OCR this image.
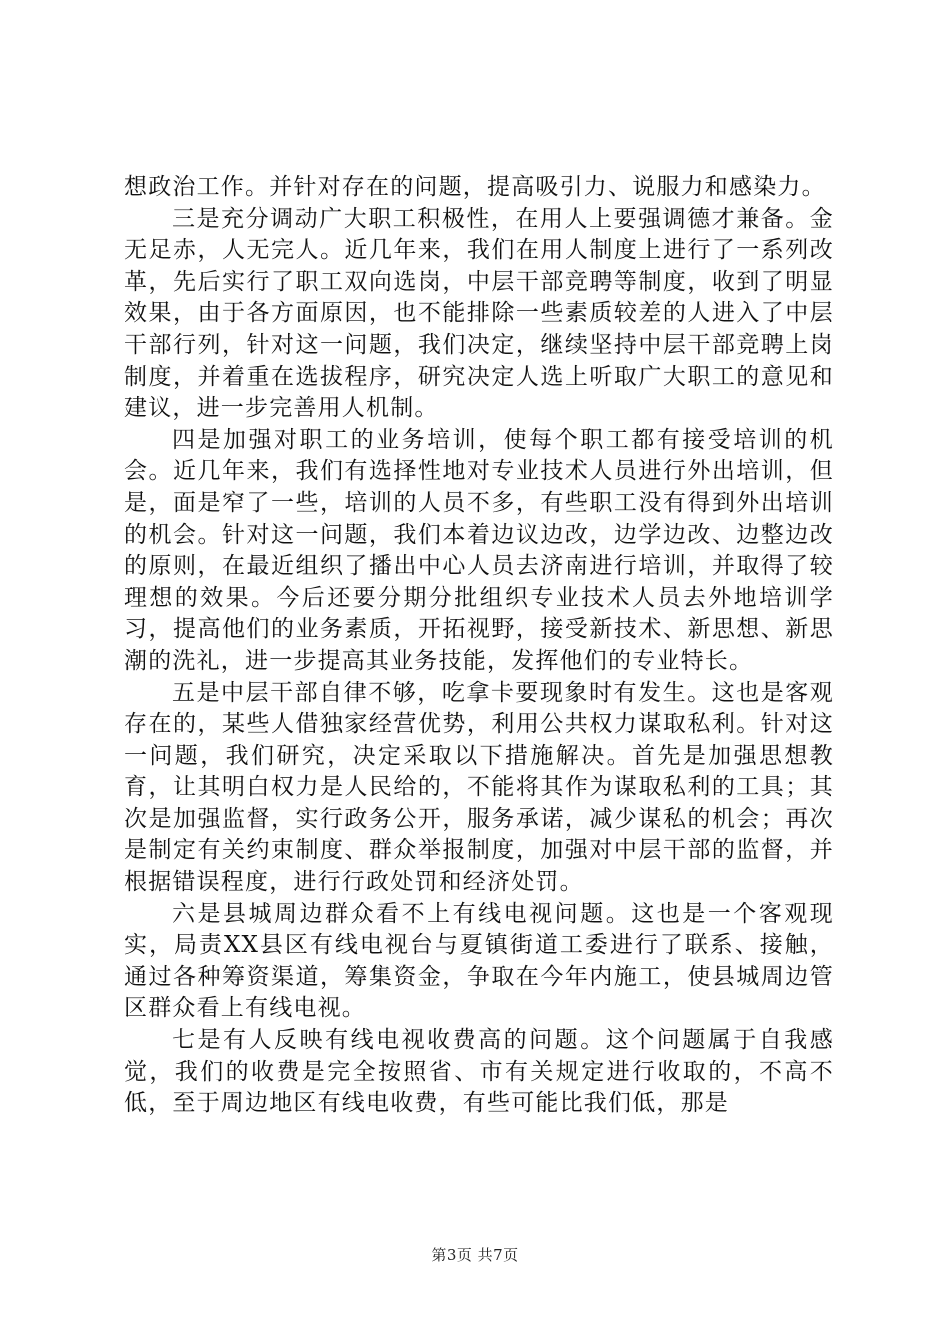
想政治工作。并针对存在的问题，提高吸引力、说服力和感染力。

三是充分调动广大职工积极性，在用人上要强调德才兼备。金无足赤，人无完人。近几年来，我们在用人制度上进行了一系列改革，先后实行了职工双向选岗，中层干部竞聘等制度，收到了明显效果，由于各方面原因，也不能排除一些素质较差的人进入了中层干部行列，针对这一问题，我们决定，继续坚持中层干部竞聘上岗制度，并着重在选拔程序，研究决定人选上听取广大职工的意见和建议，进一步完善用人机制。

四是加强对职工的业务培训，使每个职工都有接受培训的机会。近几年来，我们有选择性地对专业技术人员进行外出培训，但是，面是窄了一些，培训的人员不多，有些职工没有得到外出培训的机会。针对这一问题，我们本着边议边改，边学边改、边整边改的原则，在最近组织了播出中心人员去济南进行培训，并取得了较理想的效果。今后还要分期分批组织专业技术人员去外地培训学习，提高他们的业务素质，开拓视野，接受新技术、新思想、新思潮的洗礼，进一步提高其业务技能，发挥他们的专业特长。

五是中层干部自律不够，吃拿卡要现象时有发生。这也是客观存在的，某些人借独家经营优势，利用公共权力谋取私利。针对这一问题，我们研究，决定采取以下措施解决。首先是加强思想教育，让其明白权力是人民给的，不能将其作为谋取私利的工具；其次是加强监督，实行政务公开，服务承诺，减少谋私的机会；再次是制定有关约束制度、群众举报制度，加强对中层干部的监督，并根据错误程度，进行行政处罚和经济处罚。

六是县城周边群众看不上有线电视问题。这也是一个客观现实，局责XX县区有线电视台与夏镇街道工委进行了联系、接触，通过各种筹资渠道，筹集资金，争取在今年内施工，使县城周边管区群众看上有线电视。

七是有人反映有线电视收费高的问题。这个问题属于自我感觉，我们的收费是完全按照省、市有关规定进行收取的，不高不低，至于周边地区有线电收费，有些可能比我们低，那是

第3页 共7页
